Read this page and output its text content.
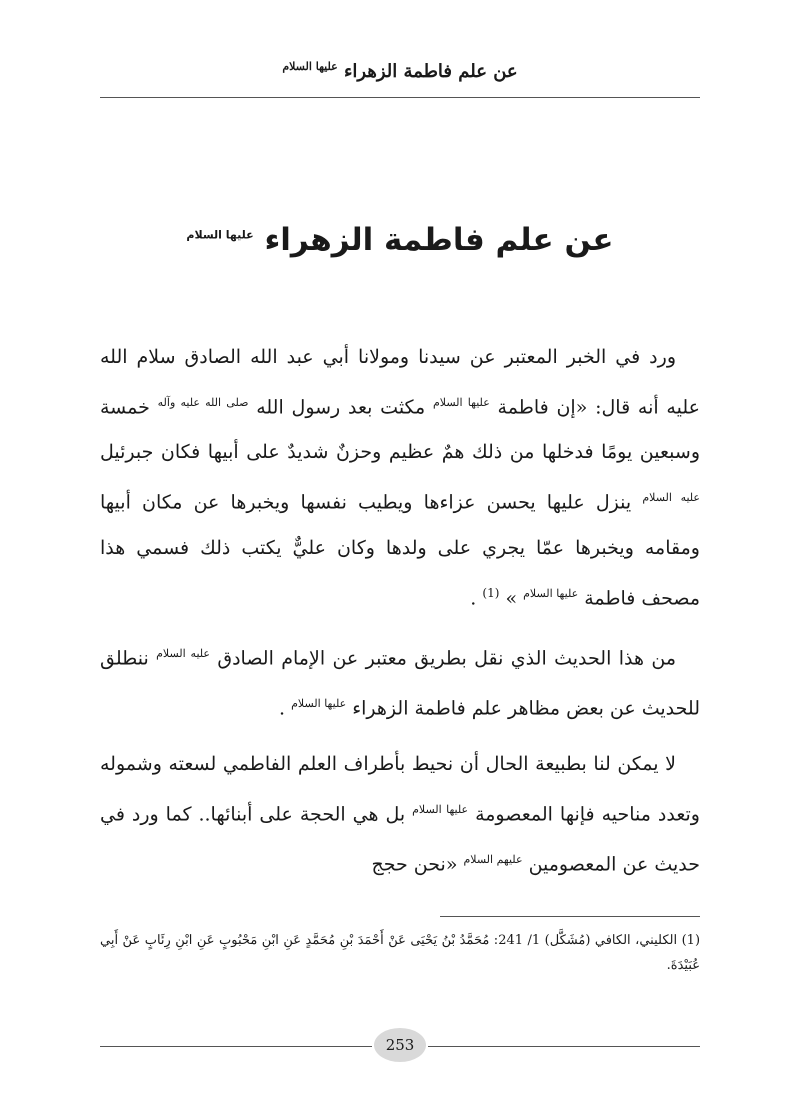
عن علم فاطمة الزهراء $^{عليها السلام}$
عن علم فاطمة الزهراء $^{عليها السلام}$

ورد في الخبر المعتبر عن سيدنا ومولانا أبي عبد الله الصادق سلام الله عليه أنه قال: «إن فاطمة $^{عليها السلام}$ مكثت بعد رسول الله $^{صلى الله عليه وآله}$ خمسة وسبعين يومًا فدخلها من ذلك همٌ عظيم وحزنٌ شديدٌ على أبيها فكان جبرئيل $^{عليه السلام}$ ينزل عليها يحسن عزاءها ويطيب نفسها ويخبرها عن مكان أبيها ومقامه ويخبرها عمّا يجري على ولدها وكان عليٌّ يكتب ذلك فسمي هذا مصحف فاطمة $^{عليها السلام}$ » $^{(1)}$ .

من هذا الحديث الذي نقل بطريق معتبر عن الإمام الصادق $^{عليه السلام}$ ننطلق للحديث عن بعض مظاهر علم فاطمة الزهراء $^{عليها السلام}$ .

لا يمكن لنا بطبيعة الحال أن نحيط بأطراف العلم الفاطمي لسعته وشموله وتعدد مناحيه فإنها المعصومة $^{عليها السلام}$ بل هي الحجة على أبنائها.. كما ورد في حديث عن المعصومين $^{عليهم السلام}$ «نحن حجج

(1) الكليني، الكافي (مُشَكَّل) 1/ 241: مُحَمَّدُ بْنُ يَحْيَى عَنْ أَحْمَدَ بْنِ مُحَمَّدٍ عَنِ ابْنِ مَحْبُوبٍ عَنِ ابْنِ رِئَابٍ عَنْ أَبِي عُبَيْدَةَ.
253
